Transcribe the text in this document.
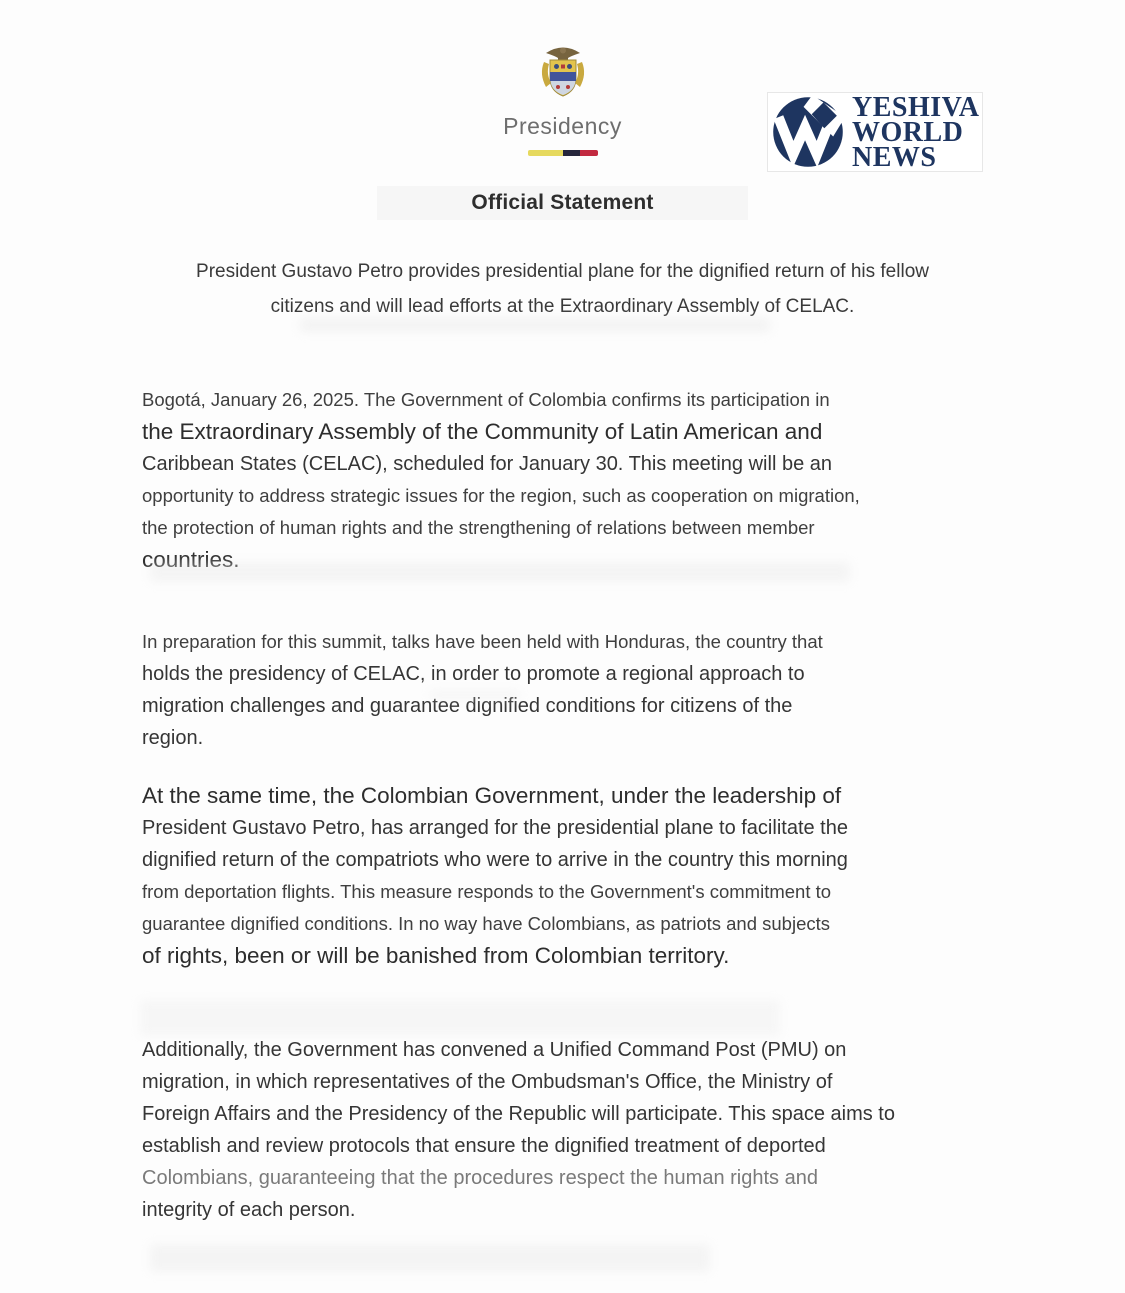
Presidency
YESHIVA
WORLD
NEWS
Official Statement
President Gustavo Petro provides presidential plane for the dignified return of his fellow citizens and will lead efforts at the Extraordinary Assembly of CELAC.
Bogotá, January 26, 2025. The Government of Colombia confirms its participation in
the Extraordinary Assembly of the Community of Latin American and
Caribbean States (CELAC), scheduled for January 30. This meeting will be an
opportunity to address strategic issues for the region, such as cooperation on migration,
the protection of human rights and the strengthening of relations between member
countries.
In preparation for this summit, talks have been held with Honduras, the country that
holds the presidency of CELAC, in order to promote a regional approach to
migration challenges and guarantee dignified conditions for citizens of the
region.
At the same time, the Colombian Government, under the leadership of
President Gustavo Petro, has arranged for the presidential plane to facilitate the
dignified return of the compatriots who were to arrive in the country this morning
from deportation flights. This measure responds to the Government's commitment to
guarantee dignified conditions. In no way have Colombians, as patriots and subjects
of rights, been or will be banished from Colombian territory.
Additionally, the Government has convened a Unified Command Post (PMU) on
migration, in which representatives of the Ombudsman's Office, the Ministry of
Foreign Affairs and the Presidency of the Republic will participate. This space aims to
establish and review protocols that ensure the dignified treatment of deported
Colombians, guaranteeing that the procedures respect the human rights and
integrity of each person.
